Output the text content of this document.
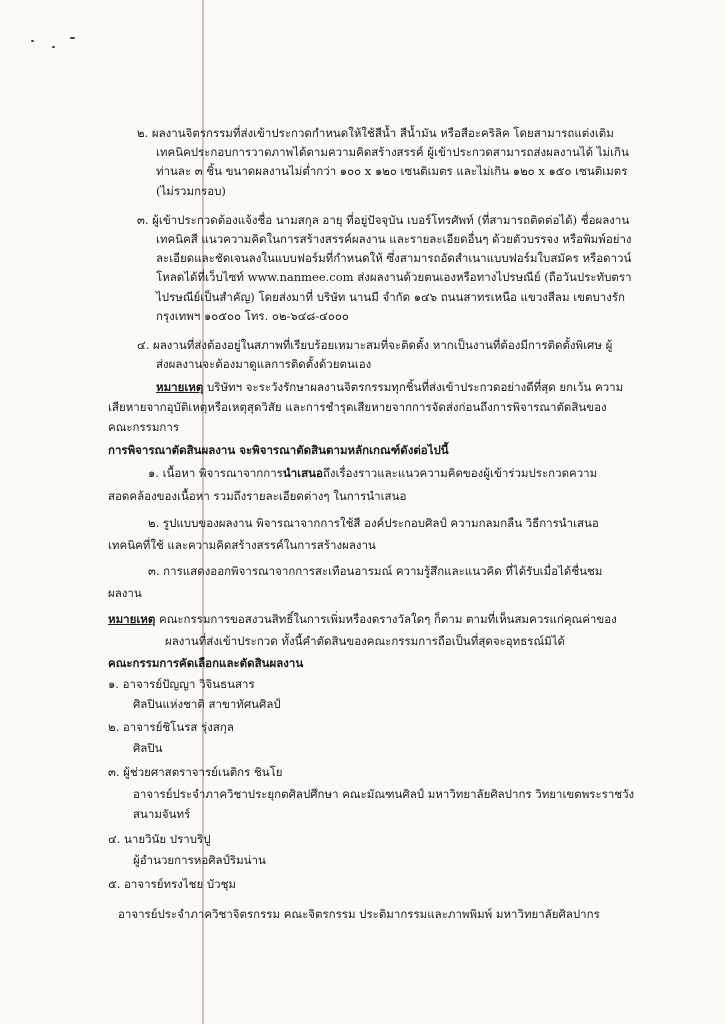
๒. ผลงานจิตรกรรมที่ส่งเข้าประกวดกำหนดให้ใช้สีน้ำ สีน้ำมัน หรือสีอะคริลิค โดยสามารถแต่งเติม
เทคนิคประกอบการวาดภาพได้ตามความคิดสร้างสรรค์ ผู้เข้าประกวดสามารถส่งผลงานได้ ไม่เกิน
ท่านละ ๓ ชิ้น ขนาดผลงานไม่ต่ำกว่า ๑๐๐ x ๑๒๐ เซนติเมตร และไม่เกิน ๑๒๐ x ๑๕๐ เซนติเมตร
(ไม่รวมกรอบ)
๓. ผู้เข้าประกวดต้องแจ้งชื่อ นามสกุล อายุ ที่อยู่ปัจจุบัน เบอร์โทรศัพท์ (ที่สามารถติดต่อได้) ชื่อผลงาน
เทคนิคสี แนวความคิดในการสร้างสรรค์ผลงาน และรายละเอียดอื่นๆ ด้วยตัวบรรจง หรือพิมพ์อย่าง
ละเอียดและชัดเจนลงในแบบฟอร์มที่กำหนดให้ ซึ่งสามารถอัดสำเนาแบบฟอร์มใบสมัคร หรือดาวน์
โหลดได้ที่เว็บไซท์ www.nanmee.com ส่งผลงานด้วยตนเองหรือทางไปรษณีย์ (ถือวันประทับตรา
ไปรษณีย์เป็นสำคัญ) โดยส่งมาที่ บริษัท นานมี จำกัด ๑๔๖ ถนนสาทรเหนือ แขวงสีลม เขตบางรัก
กรุงเทพฯ ๑๐๕๐๐ โทร. ๐๒-๖๔๘-๔๐๐๐
๔. ผลงานที่ส่งต้องอยู่ในสภาพที่เรียบร้อยเหมาะสมที่จะติดตั้ง หากเป็นงานที่ต้องมีการติดตั้งพิเศษ ผู้
ส่งผลงานจะต้องมาดูแลการติดตั้งด้วยตนเอง
หมายเหตุ บริษัทฯ จะระวังรักษาผลงานจิตรกรรมทุกชิ้นที่ส่งเข้าประกวดอย่างดีที่สุด ยกเว้น ความ
เสียหายจากอุบัติเหตุหรือเหตุสุดวิสัย และการชำรุดเสียหายจากการจัดส่งก่อนถึงการพิจารณาตัดสินของ
คณะกรรมการ
การพิจารณาตัดสินผลงาน จะพิจารณาตัดสินตามหลักเกณฑ์ดังต่อไปนี้
๑. เนื้อหา พิจารณาจากการนำเสนอถึงเรื่องราวและแนวความคิดของผู้เข้าร่วมประกวดความ
สอดคล้องของเนื้อหา รวมถึงรายละเอียดต่างๆ ในการนำเสนอ
๒. รูปแบบของผลงาน พิจารณาจากการใช้สี องค์ประกอบศิลป์ ความกลมกลืน วิธีการนำเสนอ
เทคนิคที่ใช้ และความคิดสร้างสรรค์ในการสร้างผลงาน
๓. การแสดงออกพิจารณาจากการสะเทือนอารมณ์ ความรู้สึกและแนวคิด ที่ได้รับเมื่อได้ชื่นชม
ผลงาน
หมายเหตุ คณะกรรมการขอสงวนสิทธิ์ในการเพิ่มหรืองดรางวัลใดๆ ก็ตาม ตามที่เห็นสมควรแก่คุณค่าของ
ผลงานที่ส่งเข้าประกวด ทั้งนี้คำตัดสินของคณะกรรมการถือเป็นที่สุดจะอุทธรณ์มิได้
คณะกรรมการคัดเลือกและตัดสินผลงาน
๑. อาจารย์ปัญญา วิจินธนสาร
ศิลปินแห่งชาติ สาขาทัศนศิลป์
๒. อาจารย์ชิโนรส รุ่งสกุล
ศิลปิน
๓. ผู้ช่วยศาสตราจารย์เนติกร ชินโย
อาจารย์ประจำภาควิชาประยุกตศิลปศึกษา คณะมัณฑนศิลป์ มหาวิทยาลัยศิลปากร วิทยาเขตพระราชวัง
สนามจันทร์
๔. นายวินัย ปราบริปู
ผู้อำนวยการหอศิลป์ริมน่าน
๕. อาจารย์ทรงไชย บัวชุม
อาจารย์ประจำภาควิชาจิตรกรรม คณะจิตรกรรม ประติมากรรมและภาพพิมพ์ มหาวิทยาลัยศิลปากร
